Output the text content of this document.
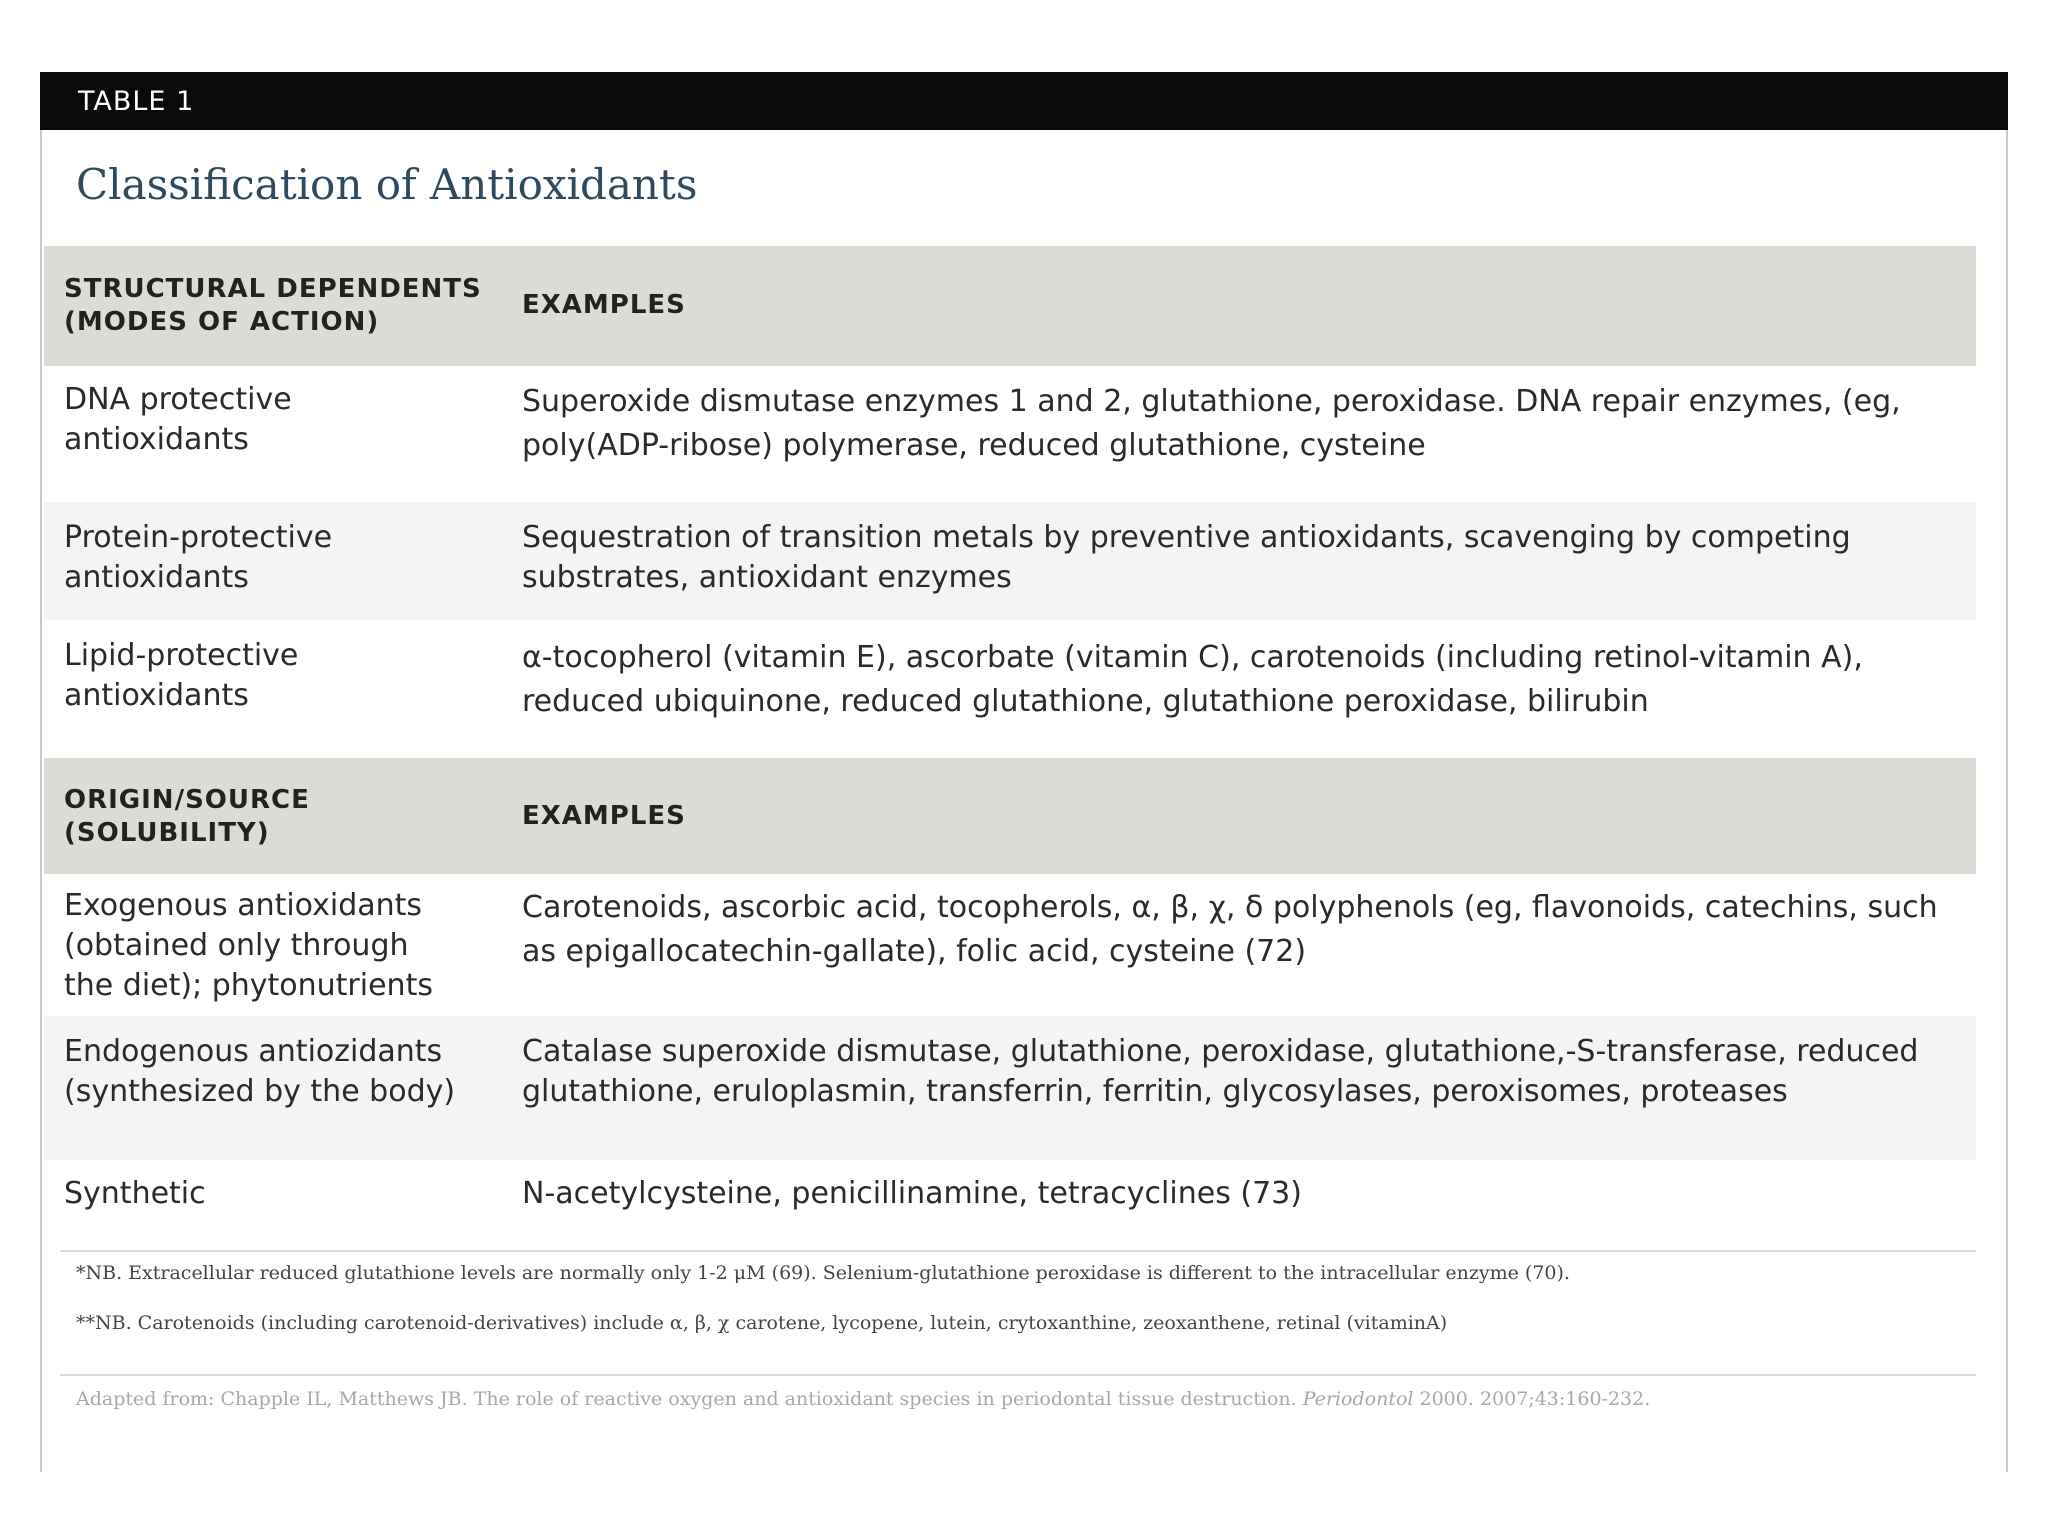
TABLE 1
Classification of Antioxidants
STRUCTURAL DEPENDENTS
(MODES OF ACTION)
EXAMPLES
DNA protective
antioxidants
Superoxide dismutase enzymes 1 and 2, glutathione, peroxidase. DNA repair enzymes, (eg, poly(ADP-ribose) polymerase, reduced glutathione, cysteine
Protein-protective
antioxidants
Sequestration of transition metals by preventive antioxidants, scavenging by competing substrates, antioxidant enzymes
Lipid-protective
antioxidants
α-tocopherol (vitamin E), ascorbate (vitamin C), carotenoids (including retinol-vitamin A), reduced ubiquinone, reduced glutathione, glutathione peroxidase, bilirubin
ORIGIN/SOURCE
(SOLUBILITY)
EXAMPLES
Exogenous antioxidants
(obtained only through
the diet); phytonutrients
Carotenoids, ascorbic acid, tocopherols, α, β, χ, δ polyphenols (eg, flavonoids, catechins, such as epigallocatechin-gallate), folic acid, cysteine (72)
Endogenous antiozidants
(synthesized by the body)
Catalase superoxide dismutase, glutathione, peroxidase, glutathione,-S-transferase, reduced glutathione, eruloplasmin, transferrin, ferritin, glycosylases, peroxisomes, proteases
Synthetic	N-acetylcysteine, penicillinamine, tetracyclines (73)
*NB. Extracellular reduced glutathione levels are normally only 1-2 μM (69). Selenium-glutathione peroxidase is different to the intracellular enzyme (70).
**NB. Carotenoids (including carotenoid-derivatives) include α, β, χ carotene, lycopene, lutein, crytoxanthine, zeoxanthene, retinal (vitaminA)
Adapted from: Chapple IL, Matthews JB. The role of reactive oxygen and antioxidant species in periodontal tissue destruction. Periodontol 2000. 2007;43:160-232.
